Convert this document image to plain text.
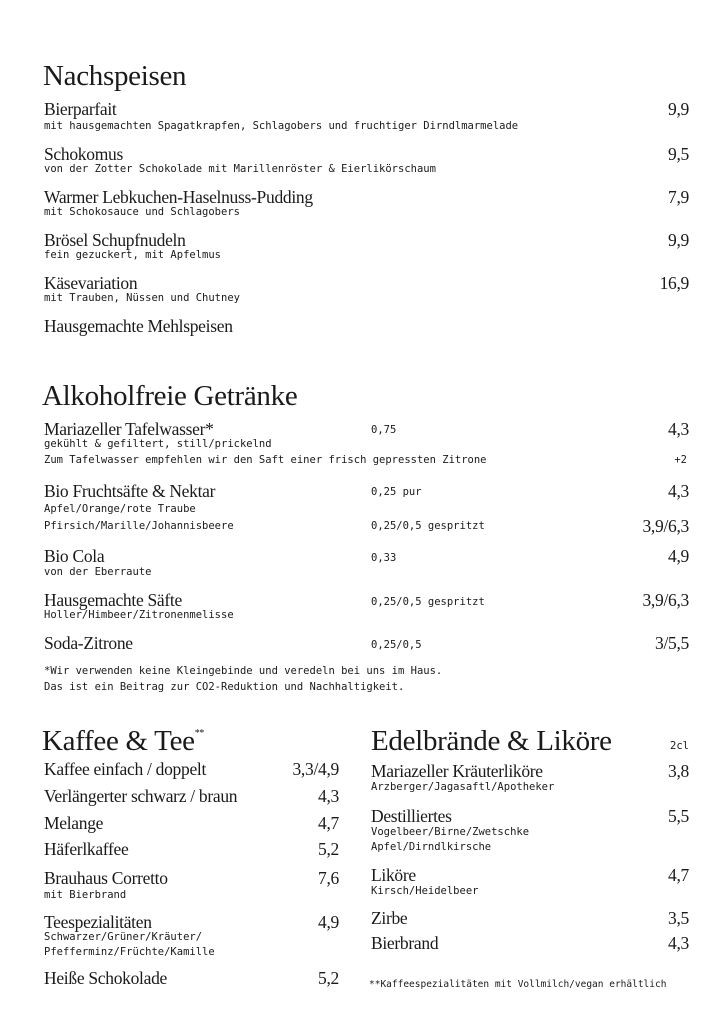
Nachspeisen
Bierparfait	9,9
mit hausgemachten Spagatkrapfen, Schlagobers und fruchtiger Dirndlmarmelade
Schokomus	9,5
von der Zotter Schokolade mit Marillenröster & Eierlikörschaum
Warmer Lebkuchen-Haselnuss-Pudding	7,9
mit Schokosauce und Schlagobers
Brösel Schupfnudeln	9,9
fein gezuckert, mit Apfelmus
Käsevariation	16,9
mit Trauben, Nüssen und Chutney
Hausgemachte Mehlspeisen
Alkoholfreie Getränke
Mariazeller Tafelwasser*	0,75	4,3
gekühlt & gefiltert, still/prickelnd
Zum Tafelwasser empfehlen wir den Saft einer frisch gepressten Zitrone	+2
Bio Fruchtsäfte & Nektar	0,25 pur	4,3
Apfel/Orange/rote Traube
Pfirsich/Marille/Johannisbeere	0,25/0,5 gespritzt	3,9/6,3
Bio Cola	0,33	4,9
von der Eberraute
Hausgemachte Säfte	0,25/0,5 gespritzt	3,9/6,3
Holler/Himbeer/Zitronenmelisse
Soda-Zitrone	0,25/0,5	3/5,5
*Wir verwenden keine Kleingebinde und veredeln bei uns im Haus.
Das ist ein Beitrag zur CO2-Reduktion und Nachhaltigkeit.
Kaffee & Tee**
Kaffee einfach / doppelt	3,3/4,9
Verlängerter schwarz / braun	4,3
Melange	4,7
Häferlkaffee	5,2
Brauhaus Corretto	7,6
mit Bierbrand
Teespezialitäten	4,9
Schwarzer/Grüner/Kräuter/
Pfefferminz/Früchte/Kamille
Heiße Schokolade	5,2
Edelbrände & Liköre	2cl
Mariazeller Kräuterliköre	3,8
Arzberger/Jagasaftl/Apotheker
Destilliertes	5,5
Vogelbeer/Birne/Zwetschke
Apfel/Dirndlkirsche
Liköre	4,7
Kirsch/Heidelbeer
Zirbe	3,5
Bierbrand	4,3
**Kaffeespezialitäten mit Vollmilch/vegan erhältlich
